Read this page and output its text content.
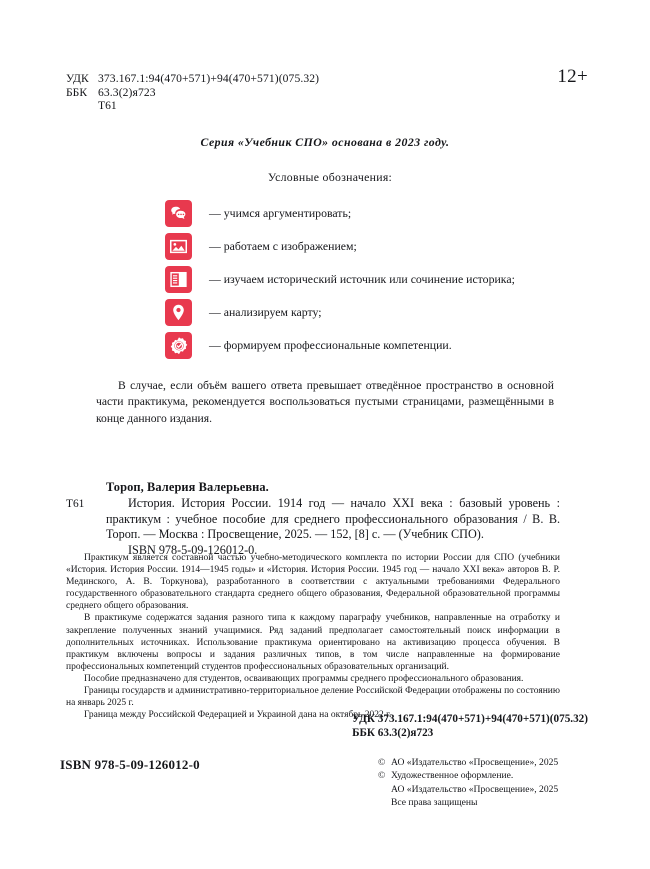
УДК 373.167.1:94(470+571)+94(470+571)(075.32)
ББК 63.3(2)я723
Т61
12+
Серия «Учебник СПО» основана в 2023 году.
Условные обозначения:
— учимся аргументировать;
— работаем с изображением;
— изучаем исторический источник или сочинение историка;
— анализируем карту;
— формируем профессиональные компетенции.
В случае, если объём вашего ответа превышает отведённое пространство в основной части практикума, рекомендуется воспользоваться пустыми страницами, размещёнными в конце данного издания.
Тороп, Валерия Валерьевна.
Т61	История. История России. 1914 год — начало XXI века : базовый уровень : практикум : учебное пособие для среднего профессионального образования / В. В. Тороп. — Москва : Просвещение, 2025. — 152, [8] с. — (Учебник СПО).
ISBN 978-5-09-126012-0.

Практикум является составной частью учебно-методического комплекта по истории России для СПО (учебники «История. История России. 1914—1945 годы» и «История. История России. 1945 год — начало XXI века» авторов В. Р. Мединского, А. В. Торкунова), разработанного в соответствии с актуальными требованиями Федерального государственного образовательного стандарта среднего общего образования, Федеральной образовательной программы среднего общего образования.

В практикуме содержатся задания разного типа к каждому параграфу учебников, направленные на отработку и закрепление полученных знаний учащимися. Ряд заданий предполагает самостоятельный поиск информации в дополнительных источниках. Использование практикума ориентировано на активизацию процесса обучения. В практикум включены вопросы и задания различных типов, в том числе направленные на формирование профессиональных компетенций студентов профессиональных образовательных организаций.

Пособие предназначено для студентов, осваивающих программы среднего профессионального образования.

Границы государств и административно-территориальное деление Российской Федерации отображены по состоянию на январь 2025 г.

Граница между Российской Федерацией и Украиной дана на октябрь 2022 г.

УДК 373.167.1:94(470+571)+94(470+571)(075.32)
ББК 63.3(2)я723
ISBN 978-5-09-126012-0	© АО «Издательство «Просвещение», 2025
© Художественное оформление.
АО «Издательство «Просвещение», 2025
Все права защищены
